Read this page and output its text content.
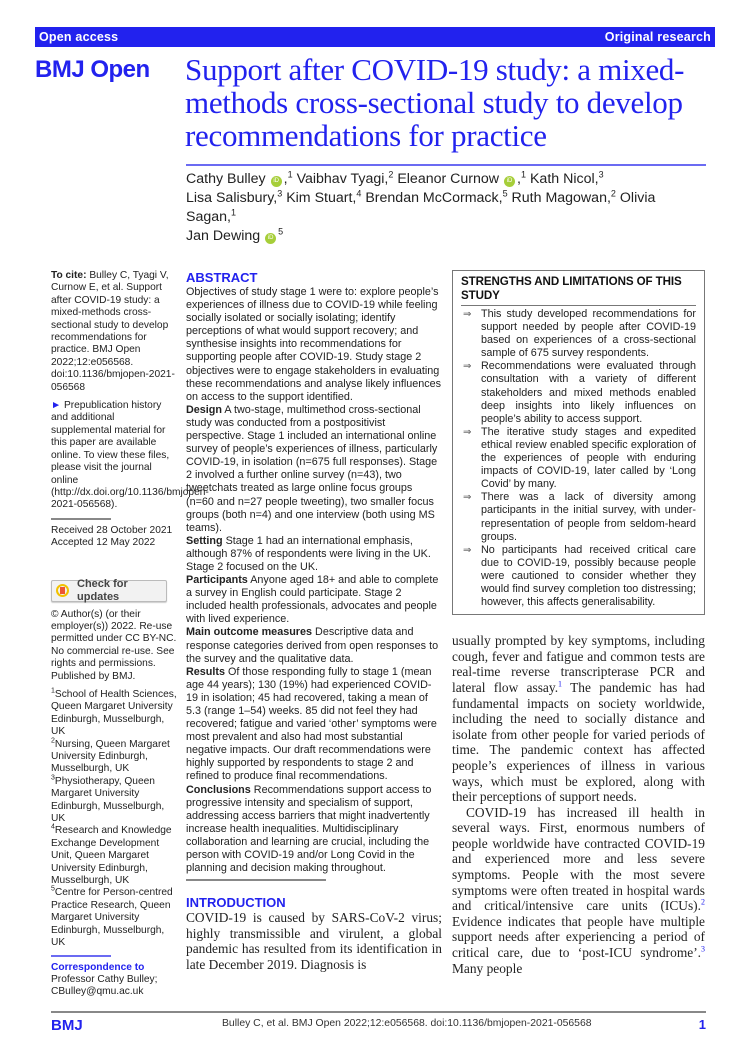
Open access	Original research
BMJ Open	Support after COVID-19 study: a mixed-methods cross-sectional study to develop recommendations for practice
Cathy Bulley iD ,$^1$ Vaibhav Tyagi,$^2$ Eleanor Curnow iD ,$^1$ Kath Nicol,$^3$
Lisa Salisbury,$^3$ Kim Stuart,$^4$ Brendan McCormack,$^5$ Ruth Magowan,$^2$ Olivia Sagan,$^1$
Jan Dewing $iD^5$

To cite: Bulley C, Tyagi V, Curnow E, et al. Support after COVID-19 study: a mixed-methods cross-sectional study to develop recommendations for practice. BMJ Open 2022;12:e056568. doi:10.1136/bmjopen-2021-056568

► Prepublication history and additional supplemental material for this paper are available online. To view these files, please visit the journal online (http://dx.doi.org/10.1136/bmjopen-2021-056568).

Received 28 October 2021
Accepted 12 May 2022
Check for updates

© Author(s) (or their employer(s)) 2022. Re-use permitted under CC BY-NC. No commercial re-use. See rights and permissions. Published by BMJ.

$^1$School of Health Sciences, Queen Margaret University Edinburgh, Musselburgh, UK
$^2$Nursing, Queen Margaret University Edinburgh, Musselburgh, UK
$^3$Physiotherapy, Queen Margaret University Edinburgh, Musselburgh, UK
$^4$Research and Knowledge Exchange Development Unit, Queen Margaret University Edinburgh, Musselburgh, UK
$^5$Centre for Person-centred Practice Research, Queen Margaret University Edinburgh, Musselburgh, UK
Correspondence to
Professor Cathy Bulley;
CBulley@qmu.ac.uk
ABSTRACT
Objectives of study stage 1 were to: explore people’s experiences of illness due to COVID-19 while feeling socially isolated or socially isolating; identify perceptions of what would support recovery; and synthesise insights into recommendations for supporting people after COVID-19. Study stage 2 objectives were to engage stakeholders in evaluating these recommendations and analyse likely influences on access to the support identified.
Design A two-stage, multimethod cross-sectional study was conducted from a postpositivist perspective. Stage 1 included an international online survey of people’s experiences of illness, particularly COVID-19, in isolation (n=675 full responses). Stage 2 involved a further online survey (n=43), two tweetchats treated as large online focus groups (n=60 and n=27 people tweeting), two smaller focus groups (both n=4) and one interview (both using MS teams).
Setting Stage 1 had an international emphasis, although 87% of respondents were living in the UK. Stage 2 focused on the UK.
Participants Anyone aged 18+ and able to complete a survey in English could participate. Stage 2 included health professionals, advocates and people with lived experience.
Main outcome measures Descriptive data and response categories derived from open responses to the survey and the qualitative data.
Results Of those responding fully to stage 1 (mean age 44 years); 130 (19%) had experienced COVID-19 in isolation; 45 had recovered, taking a mean of 5.3 (range 1–54) weeks. 85 did not feel they had recovered; fatigue and varied ‘other’ symptoms were most prevalent and also had most substantial negative impacts. Our draft recommendations were highly supported by respondents to stage 2 and refined to produce final recommendations.
Conclusions Recommendations support access to progressive intensity and specialism of support, addressing access barriers that might inadvertently increase health inequalities. Multidisciplinary collaboration and learning are crucial, including the person with COVID-19 and/or Long Covid in the planning and decision making throughout.
INTRODUCTION
COVID-19 is caused by SARS-CoV-2 virus; highly transmissible and virulent, a global pandemic has resulted from its identification in late December 2019. Diagnosis is
STRENGTHS AND LIMITATIONS OF THIS STUDY
⇒ This study developed recommendations for support needed by people after COVID-19 based on experiences of a cross-sectional sample of 675 survey respondents.
⇒ Recommendations were evaluated through consultation with a variety of different stakeholders and mixed methods enabled deep insights into likely influences on people’s ability to access support.
⇒ The iterative study stages and expedited ethical review enabled specific exploration of the experiences of people with enduring impacts of COVID-19, later called by ‘Long Covid’ by many.
⇒ There was a lack of diversity among participants in the initial survey, with under-representation of people from seldom-heard groups.
⇒ No participants had received critical care due to COVID-19, possibly because people were cautioned to consider whether they would find survey completion too distressing; however, this affects generalisability.

usually prompted by key symptoms, including cough, fever and fatigue and common tests are real-time reverse transcripterase PCR and lateral flow assay.$^1$ The pandemic has had fundamental impacts on society worldwide, including the need to socially distance and isolate from other people for varied periods of time. The pandemic context has affected people’s experiences of illness in various ways, which must be explored, along with their perceptions of support needs.

COVID-19 has increased ill health in several ways. First, enormous numbers of people worldwide have contracted COVID-19 and experienced more and less severe symptoms. People with the most severe symptoms were often treated in hospital wards and critical/intensive care units (ICUs).$^2$ Evidence indicates that people have multiple support needs after experiencing a period of critical care, due to ‘post-ICU syndrome’.$^3$ Many people

BMJ	Bulley C, et al. BMJ Open 2022;12:e056568. doi:10.1136/bmjopen-2021-056568	1
